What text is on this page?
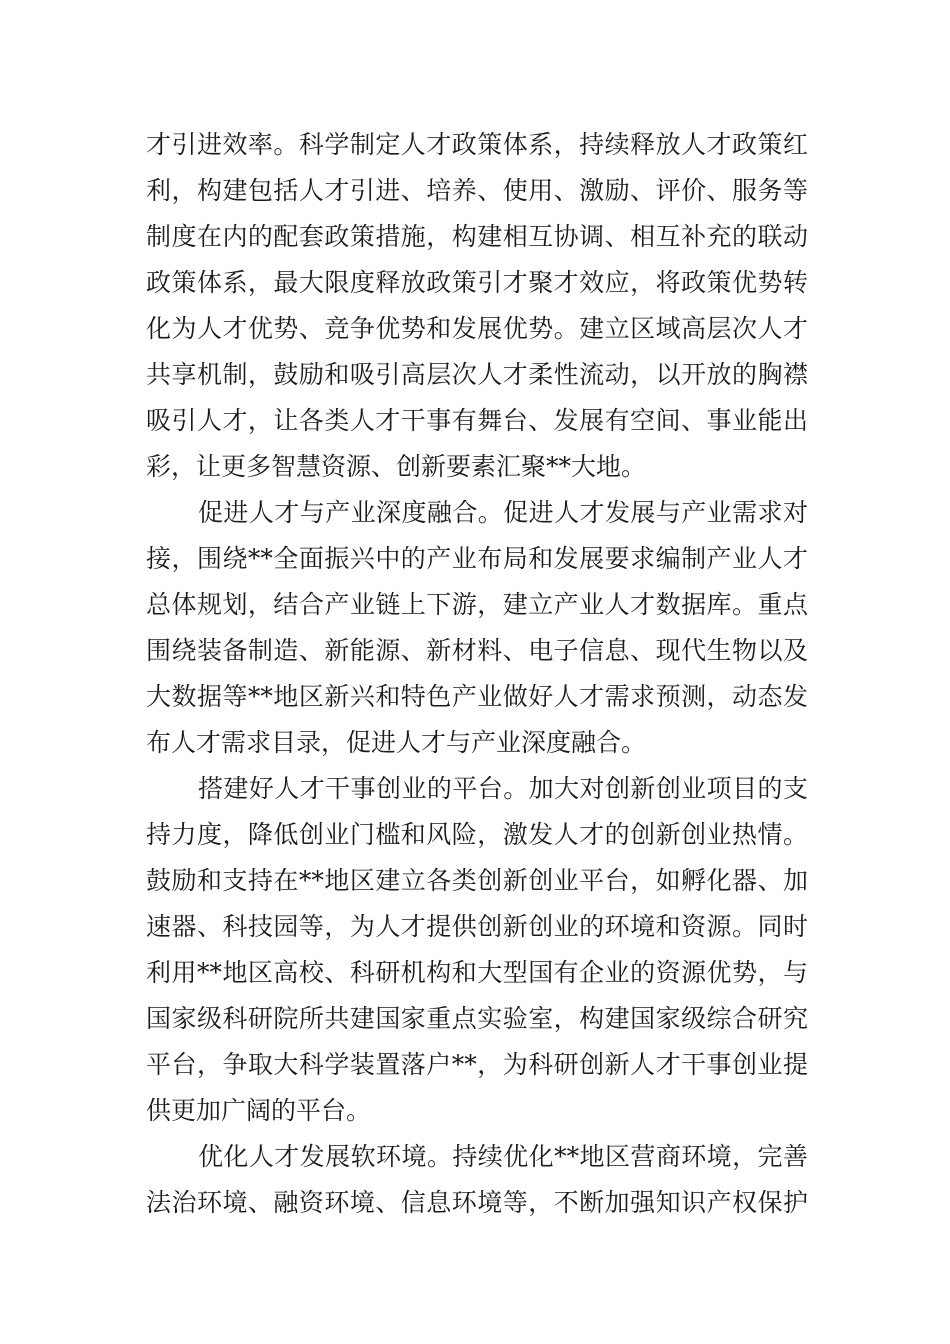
才引进效率。科学制定人才政策体系，持续释放人才政策红
利，构建包括人才引进、培养、使用、激励、评价、服务等
制度在内的配套政策措施，构建相互协调、相互补充的联动
政策体系，最大限度释放政策引才聚才效应，将政策优势转
化为人才优势、竞争优势和发展优势。建立区域高层次人才
共享机制，鼓励和吸引高层次人才柔性流动，以开放的胸襟
吸引人才，让各类人才干事有舞台、发展有空间、事业能出
彩，让更多智慧资源、创新要素汇聚**大地。
促进人才与产业深度融合。促进人才发展与产业需求对
接，围绕**全面振兴中的产业布局和发展要求编制产业人才
总体规划，结合产业链上下游，建立产业人才数据库。重点
围绕装备制造、新能源、新材料、电子信息、现代生物以及
大数据等**地区新兴和特色产业做好人才需求预测，动态发
布人才需求目录，促进人才与产业深度融合。
搭建好人才干事创业的平台。加大对创新创业项目的支
持力度，降低创业门槛和风险，激发人才的创新创业热情。
鼓励和支持在**地区建立各类创新创业平台，如孵化器、加
速器、科技园等，为人才提供创新创业的环境和资源。同时
利用**地区高校、科研机构和大型国有企业的资源优势，与
国家级科研院所共建国家重点实验室，构建国家级综合研究
平台，争取大科学装置落户**，为科研创新人才干事创业提
供更加广阔的平台。
优化人才发展软环境。持续优化**地区营商环境，完善
法治环境、融资环境、信息环境等，不断加强知识产权保护
